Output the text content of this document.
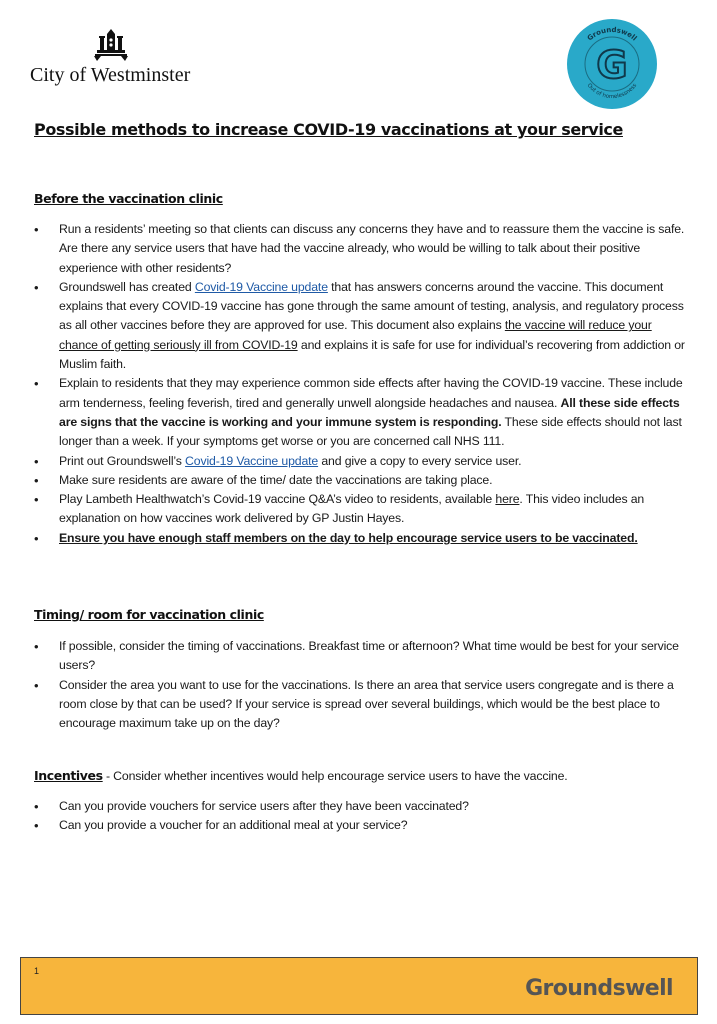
City of Westminster
Groundswell
Out of homelessness
G
Possible methods to increase COVID-19 vaccinations at your service
Before the vaccination clinic
• Run a residents’ meeting so that clients can discuss any concerns they have and to reassure them the vaccine is safe. Are there any service users that have had the vaccine already, who would be willing to talk about their positive experience with other residents?
• Groundswell has created Covid-19 Vaccine update that has answers concerns around the vaccine. This document explains that every COVID-19 vaccine has gone through the same amount of testing, analysis, and regulatory process as all other vaccines before they are approved for use. This document also explains the vaccine will reduce your chance of getting seriously ill from COVID-19 and explains it is safe for use for individual’s recovering from addiction or Muslim faith.
• Explain to residents that they may experience common side effects after having the COVID-19 vaccine. These include arm tenderness, feeling feverish, tired and generally unwell alongside headaches and nausea. All these side effects are signs that the vaccine is working and your immune system is responding. These side effects should not last longer than a week. If your symptoms get worse or you are concerned call NHS 111.
• Print out Groundswell’s Covid-19 Vaccine update and give a copy to every service user.
• Make sure residents are aware of the time/ date the vaccinations are taking place.
• Play Lambeth Healthwatch’s Covid-19 vaccine Q&A’s video to residents, available here. This video includes an explanation on how vaccines work delivered by GP Justin Hayes.
• Ensure you have enough staff members on the day to help encourage service users to be vaccinated.
Timing/ room for vaccination clinic
• If possible, consider the timing of vaccinations. Breakfast time or afternoon? What time would be best for your service users?
• Consider the area you want to use for the vaccinations. Is there an area that service users congregate and is there a room close by that can be used? If your service is spread over several buildings, which would be the best place to encourage maximum take up on the day?
Incentives - Consider whether incentives would help encourage service users to have the vaccine.
• Can you provide vouchers for service users after they have been vaccinated?
• Can you provide a voucher for an additional meal at your service?
1
Groundswell
